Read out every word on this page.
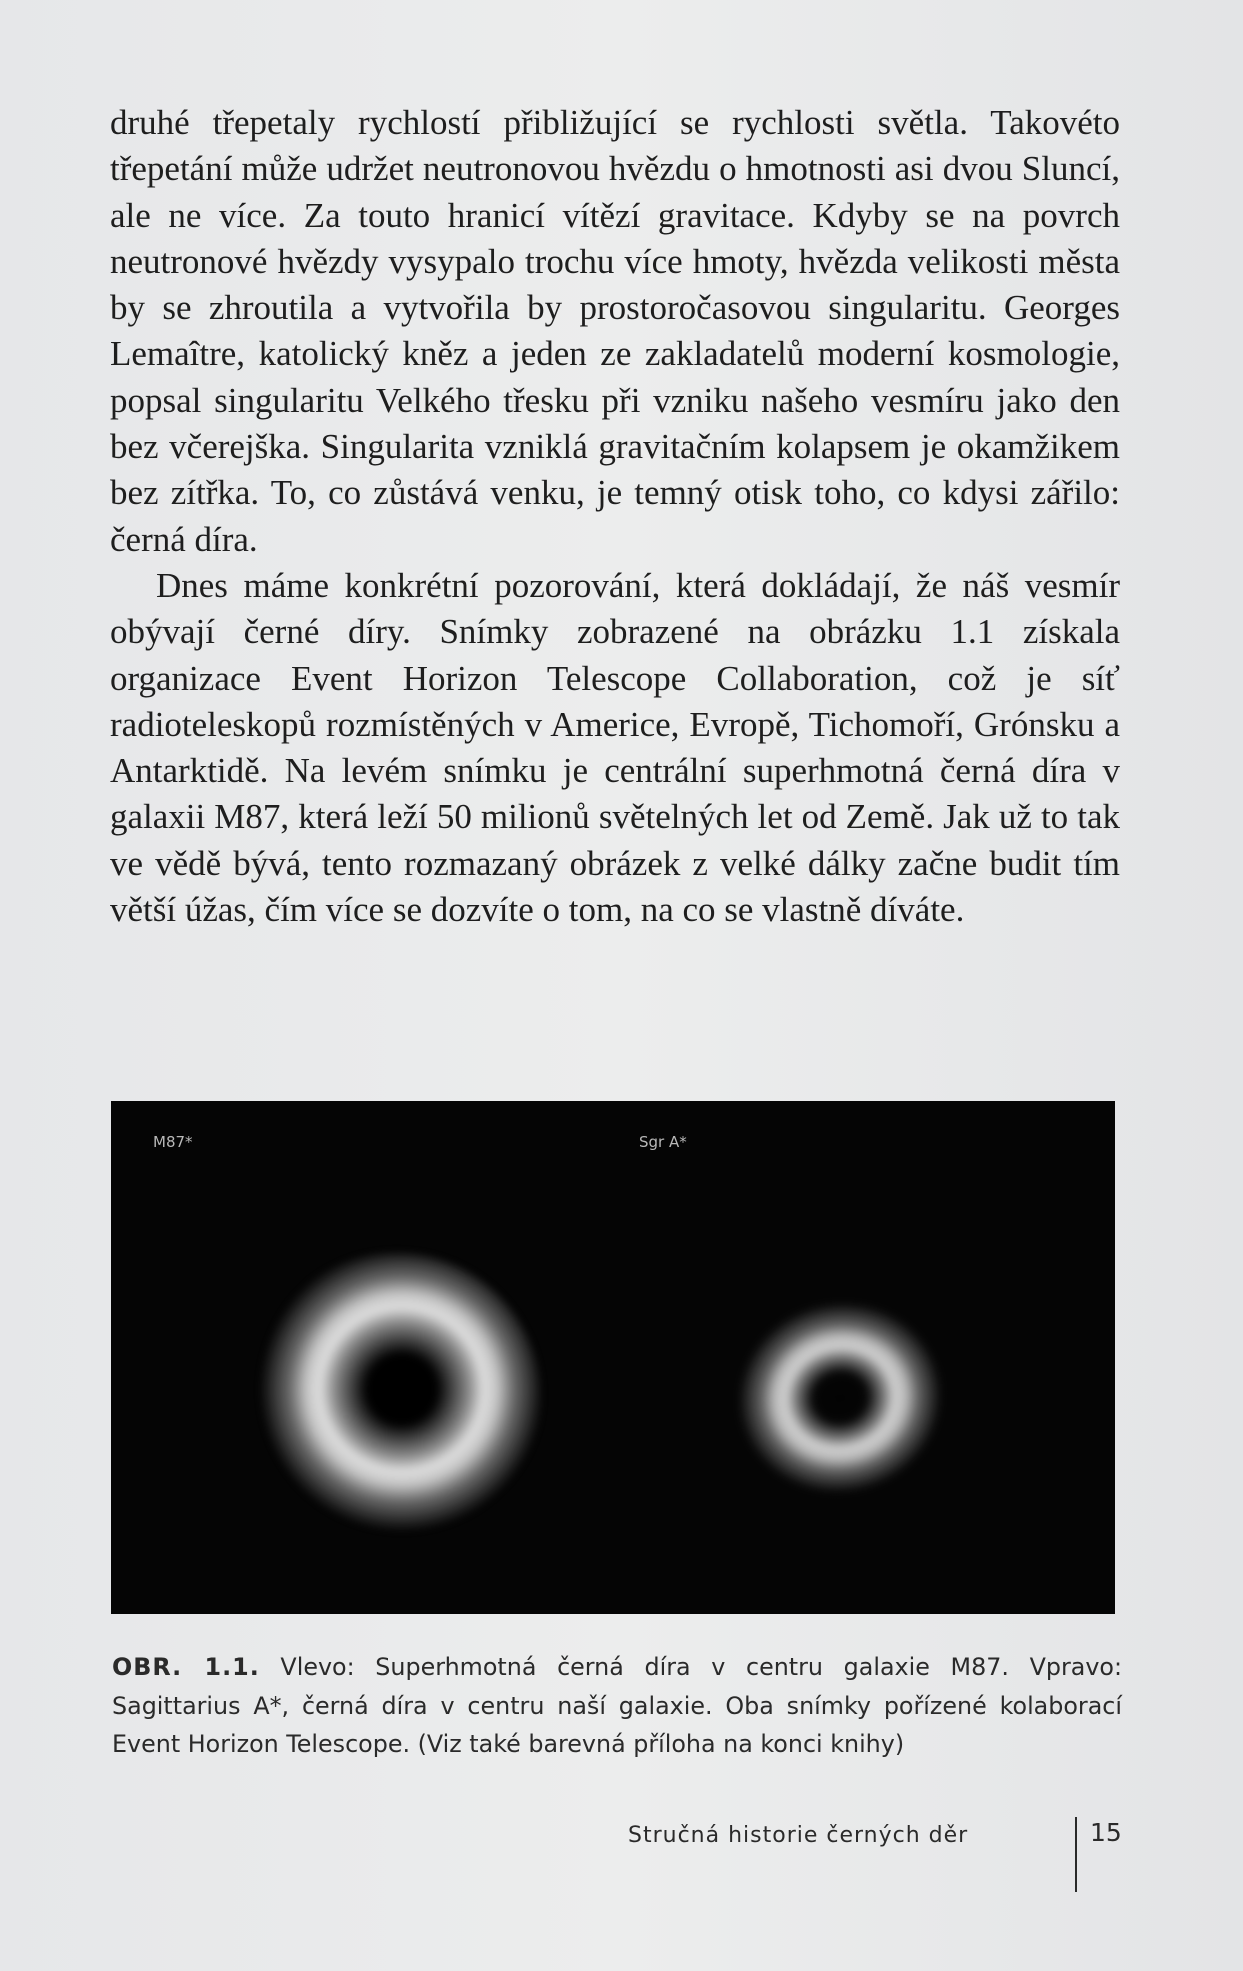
druhé třepetaly rychlostí přibližující se rychlosti světla. Takovéto třepetání může udržet neutronovou hvězdu o hmotnosti asi dvou Sluncí, ale ne více. Za touto hranicí vítězí gravitace. Kdyby se na povrch neutronové hvězdy vysypalo trochu více hmoty, hvězda velikosti města by se zhroutila a vytvořila by prostoročasovou singularitu. Georges Lemaître, katolický kněz a jeden ze zakladatelů moderní kosmologie, popsal singularitu Velkého třesku při vzniku našeho vesmíru jako den bez včerejška. Singularita vzniklá gravitačním kolapsem je okamžikem bez zítřka. To, co zůstává venku, je temný otisk toho, co kdysi zářilo: černá díra.

Dnes máme konkrétní pozorování, která dokládají, že náš vesmír obývají černé díry. Snímky zobrazené na obrázku 1.1 získala organizace Event Horizon Telescope Collaboration, což je síť radioteleskopů rozmístěných v Americe, Evropě, Tichomoří, Grónsku a Antarktidě. Na levém snímku je centrální superhmotná černá díra v galaxii M87, která leží 50 milionů světelných let od Země. Jak už to tak ve vědě bývá, tento rozmazaný obrázek z velké dálky začne budit tím větší úžas, čím více se dozvíte o tom, na co se vlastně díváte.

M87*	Sgr A*
OBR. 1.1. Vlevo: Superhmotná černá díra v centru galaxie M87. Vpravo: Sagittarius A*, černá díra v centru naší galaxie. Oba snímky pořízené kolaborací Event Horizon Telescope. (Viz také barevná příloha na konci knihy)
Stručná historie černých děr	15
